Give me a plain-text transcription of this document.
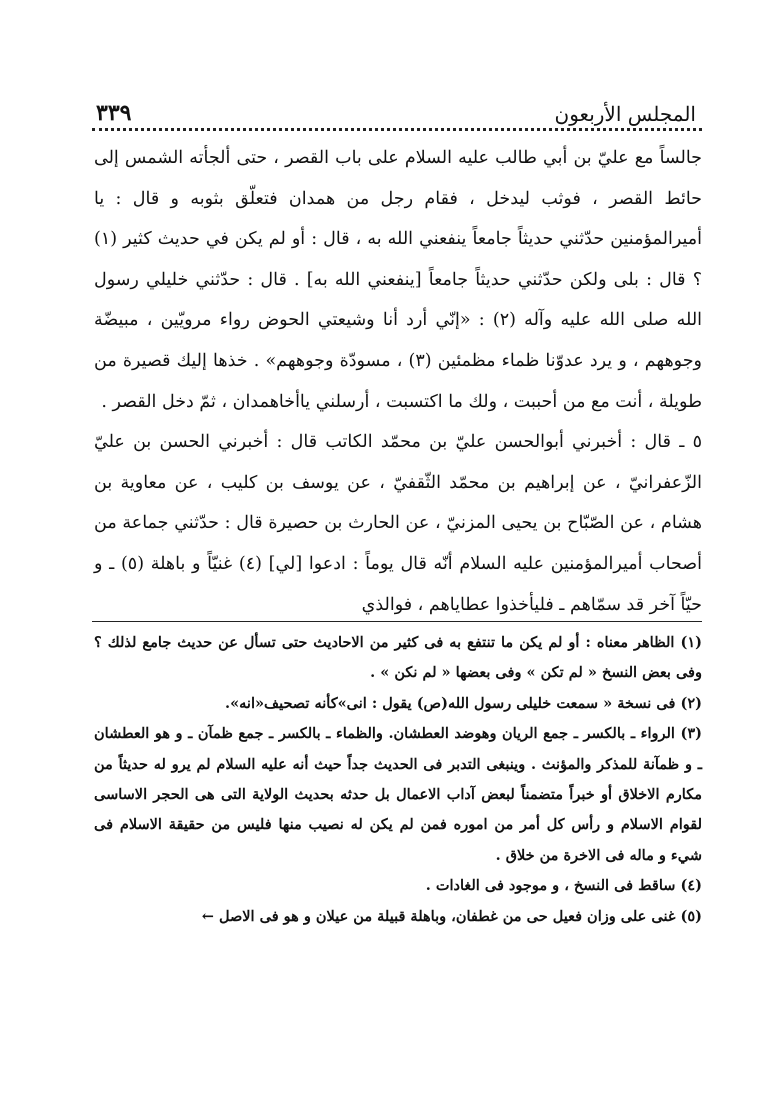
المجلس الأربعون
٣٣٩

جالساً مع عليّ بن أبي طالب عليه السلام على باب القصر ، حتى ألجأته الشمس إلى حائط القصر ، فوثب ليدخل ، فقام رجل من همدان فتعلّق بثوبه و قال : يا أميرالمؤمنين حدّثني حديثاً جامعاً ينفعني الله به ، قال : أو لم يكن في حديث كثير (١) ؟ قال : بلى ولكن حدّثني حديثاً جامعاً [ينفعني الله به] . قال : حدّثني خليلي رسول الله صلى الله عليه وآله (٢) : «إنّي أرد أنا وشيعتي الحوض رواء مرويّين ، مبيضّة وجوههم ، و يرد عدوّنا ظماء مظمئين (٣) ، مسودّة وجوههم» . خذها إليك قصيرة من طويلة ، أنت مع من أحببت ، ولك ما اكتسبت ، أرسلني ياأخاهمدان ، ثمّ دخل القصر .

٥ ـ قال : أخبرني أبوالحسن عليّ بن محمّد الكاتب قال : أخبرني الحسن بن عليّ الزّعفرانيّ ، عن إبراهيم بن محمّد الثّقفيّ ، عن يوسف بن كليب ، عن معاوية بن هشام ، عن الصّبّاح بن يحيى المزنيّ ، عن الحارث بن حصيرة قال : حدّثني جماعة من أصحاب أميرالمؤمنين عليه السلام أنّه قال يوماً : ادعوا [لي] (٤) غنيّاً و باهلة (٥) ـ و حيّاً آخر قد سمّاهم ـ فليأخذوا عطاياهم ، فوالذي

(١) الظاهر معناه : أو لم يكن ما تنتفع به فى كثير من الاحاديث حتى تسأل عن حديث جامع لذلك ؟ وفى بعض النسخ « لم تكن » وفى بعضها « لم نكن » .

(٢) فى نسخة « سمعت خليلى رسول الله(ص) يقول : انى»كأنه تصحيف«انه».

(٣) الرواء ـ بالكسر ـ جمع الريان وهوضد العطشان. والظماء ـ بالكسر ـ جمع ظمآن ـ و هو العطشان ـ و ظمآنة للمذكر والمؤنث . وينبغى التدبر فى الحديث جداً حيث أنه عليه السلام لم يرو له حديثاً من مكارم الاخلاق أو خبراً متضمناً لبعض آداب الاعمال بل حدثه بحديث الولاية التى هى الحجر الاساسى لقوام الاسلام و رأس كل أمر من اموره فمن لم يكن له نصيب منها فليس من حقيقة الاسلام فى شيء و ماله فى الاخرة من خلاق .

(٤) ساقط فى النسخ ، و موجود فى الغادات .

(٥) غنى على وزان فعيل حى من غطفان، وباهلة قبيلة من عيلان و هو فى الاصل ←
